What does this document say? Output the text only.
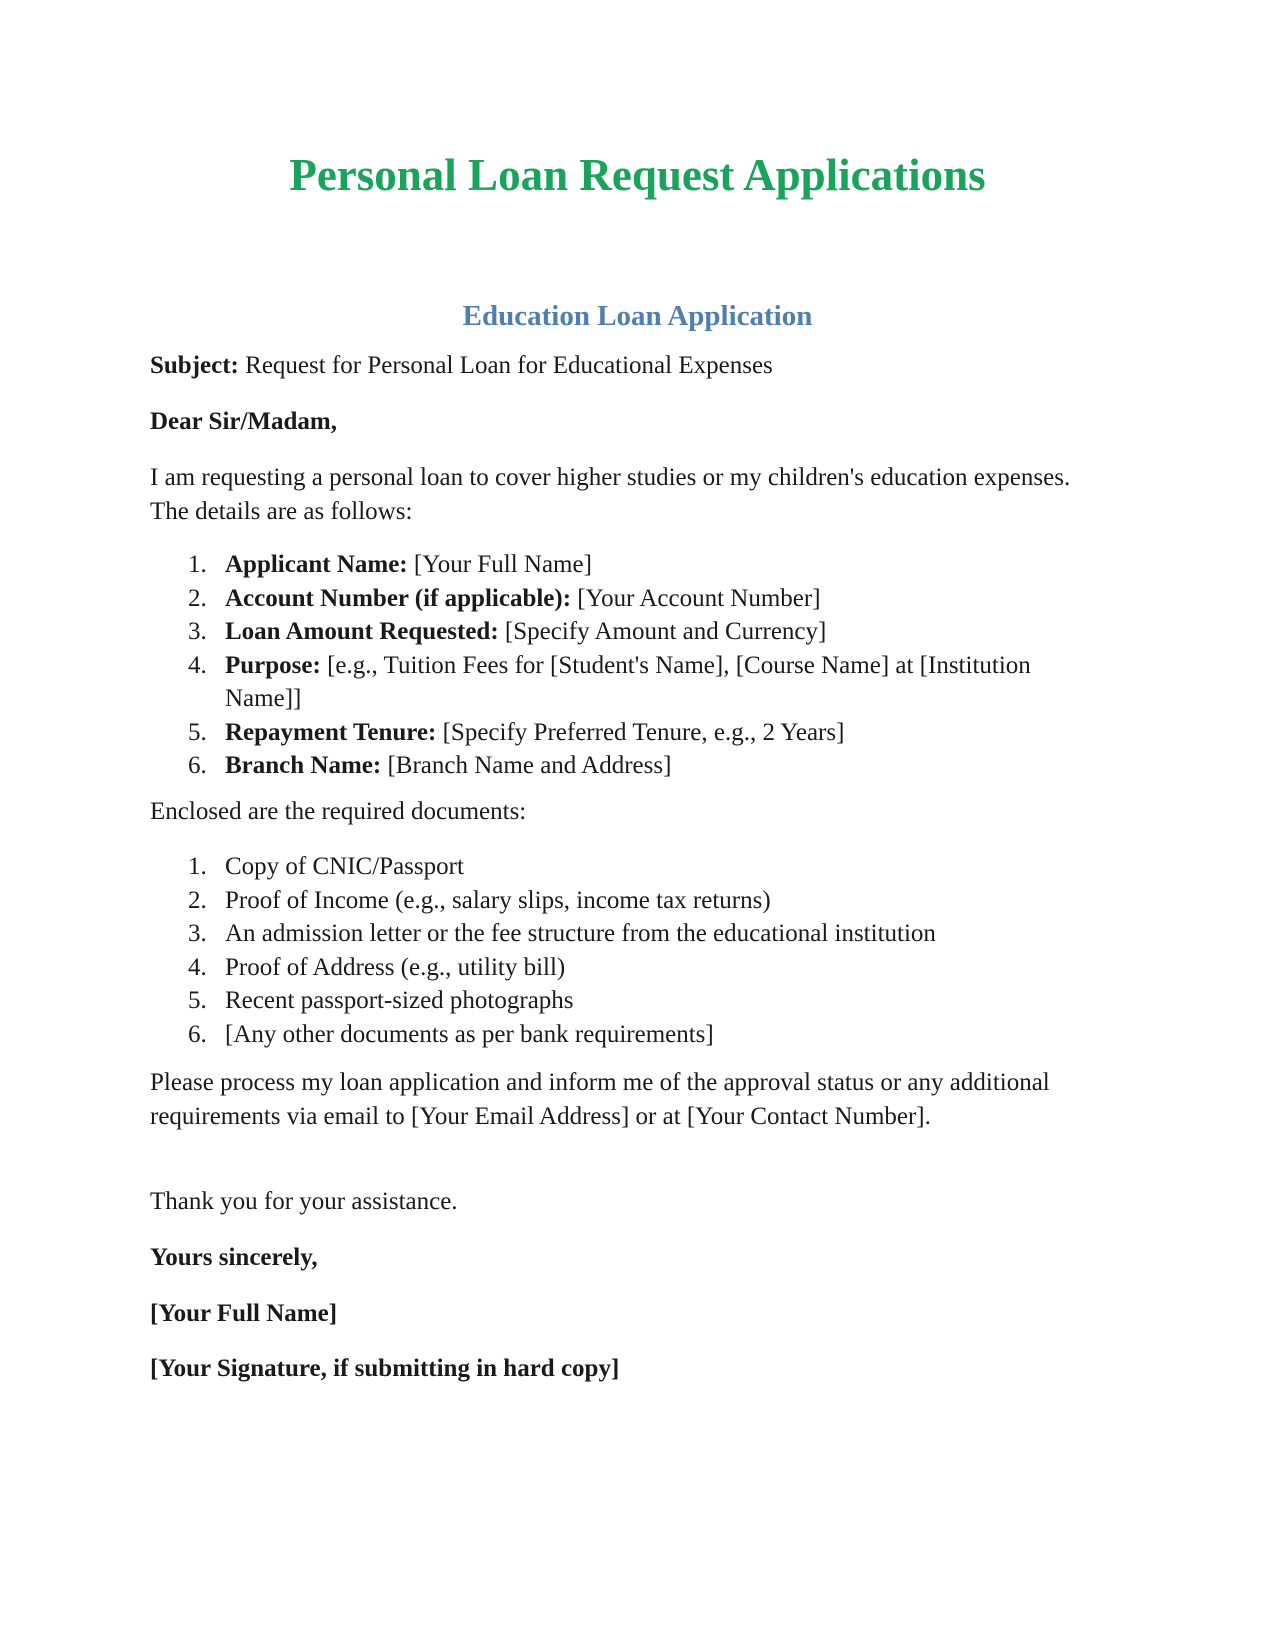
Personal Loan Request Applications
Education Loan Application

Subject: Request for Personal Loan for Educational Expenses

Dear Sir/Madam,

I am requesting a personal loan to cover higher studies or my children's education expenses. The details are as follows:

1. Applicant Name: [Your Full Name]
2. Account Number (if applicable): [Your Account Number]
3. Loan Amount Requested: [Specify Amount and Currency]
4. Purpose: [e.g., Tuition Fees for [Student's Name], [Course Name] at [Institution Name]]
5. Repayment Tenure: [Specify Preferred Tenure, e.g., 2 Years]
6. Branch Name: [Branch Name and Address]

Enclosed are the required documents:

1. Copy of CNIC/Passport
2. Proof of Income (e.g., salary slips, income tax returns)
3. An admission letter or the fee structure from the educational institution
4. Proof of Address (e.g., utility bill)
5. Recent passport-sized photographs
6. [Any other documents as per bank requirements]

Please process my loan application and inform me of the approval status or any additional requirements via email to [Your Email Address] or at [Your Contact Number].

Thank you for your assistance.

Yours sincerely,

[Your Full Name]

[Your Signature, if submitting in hard copy]
